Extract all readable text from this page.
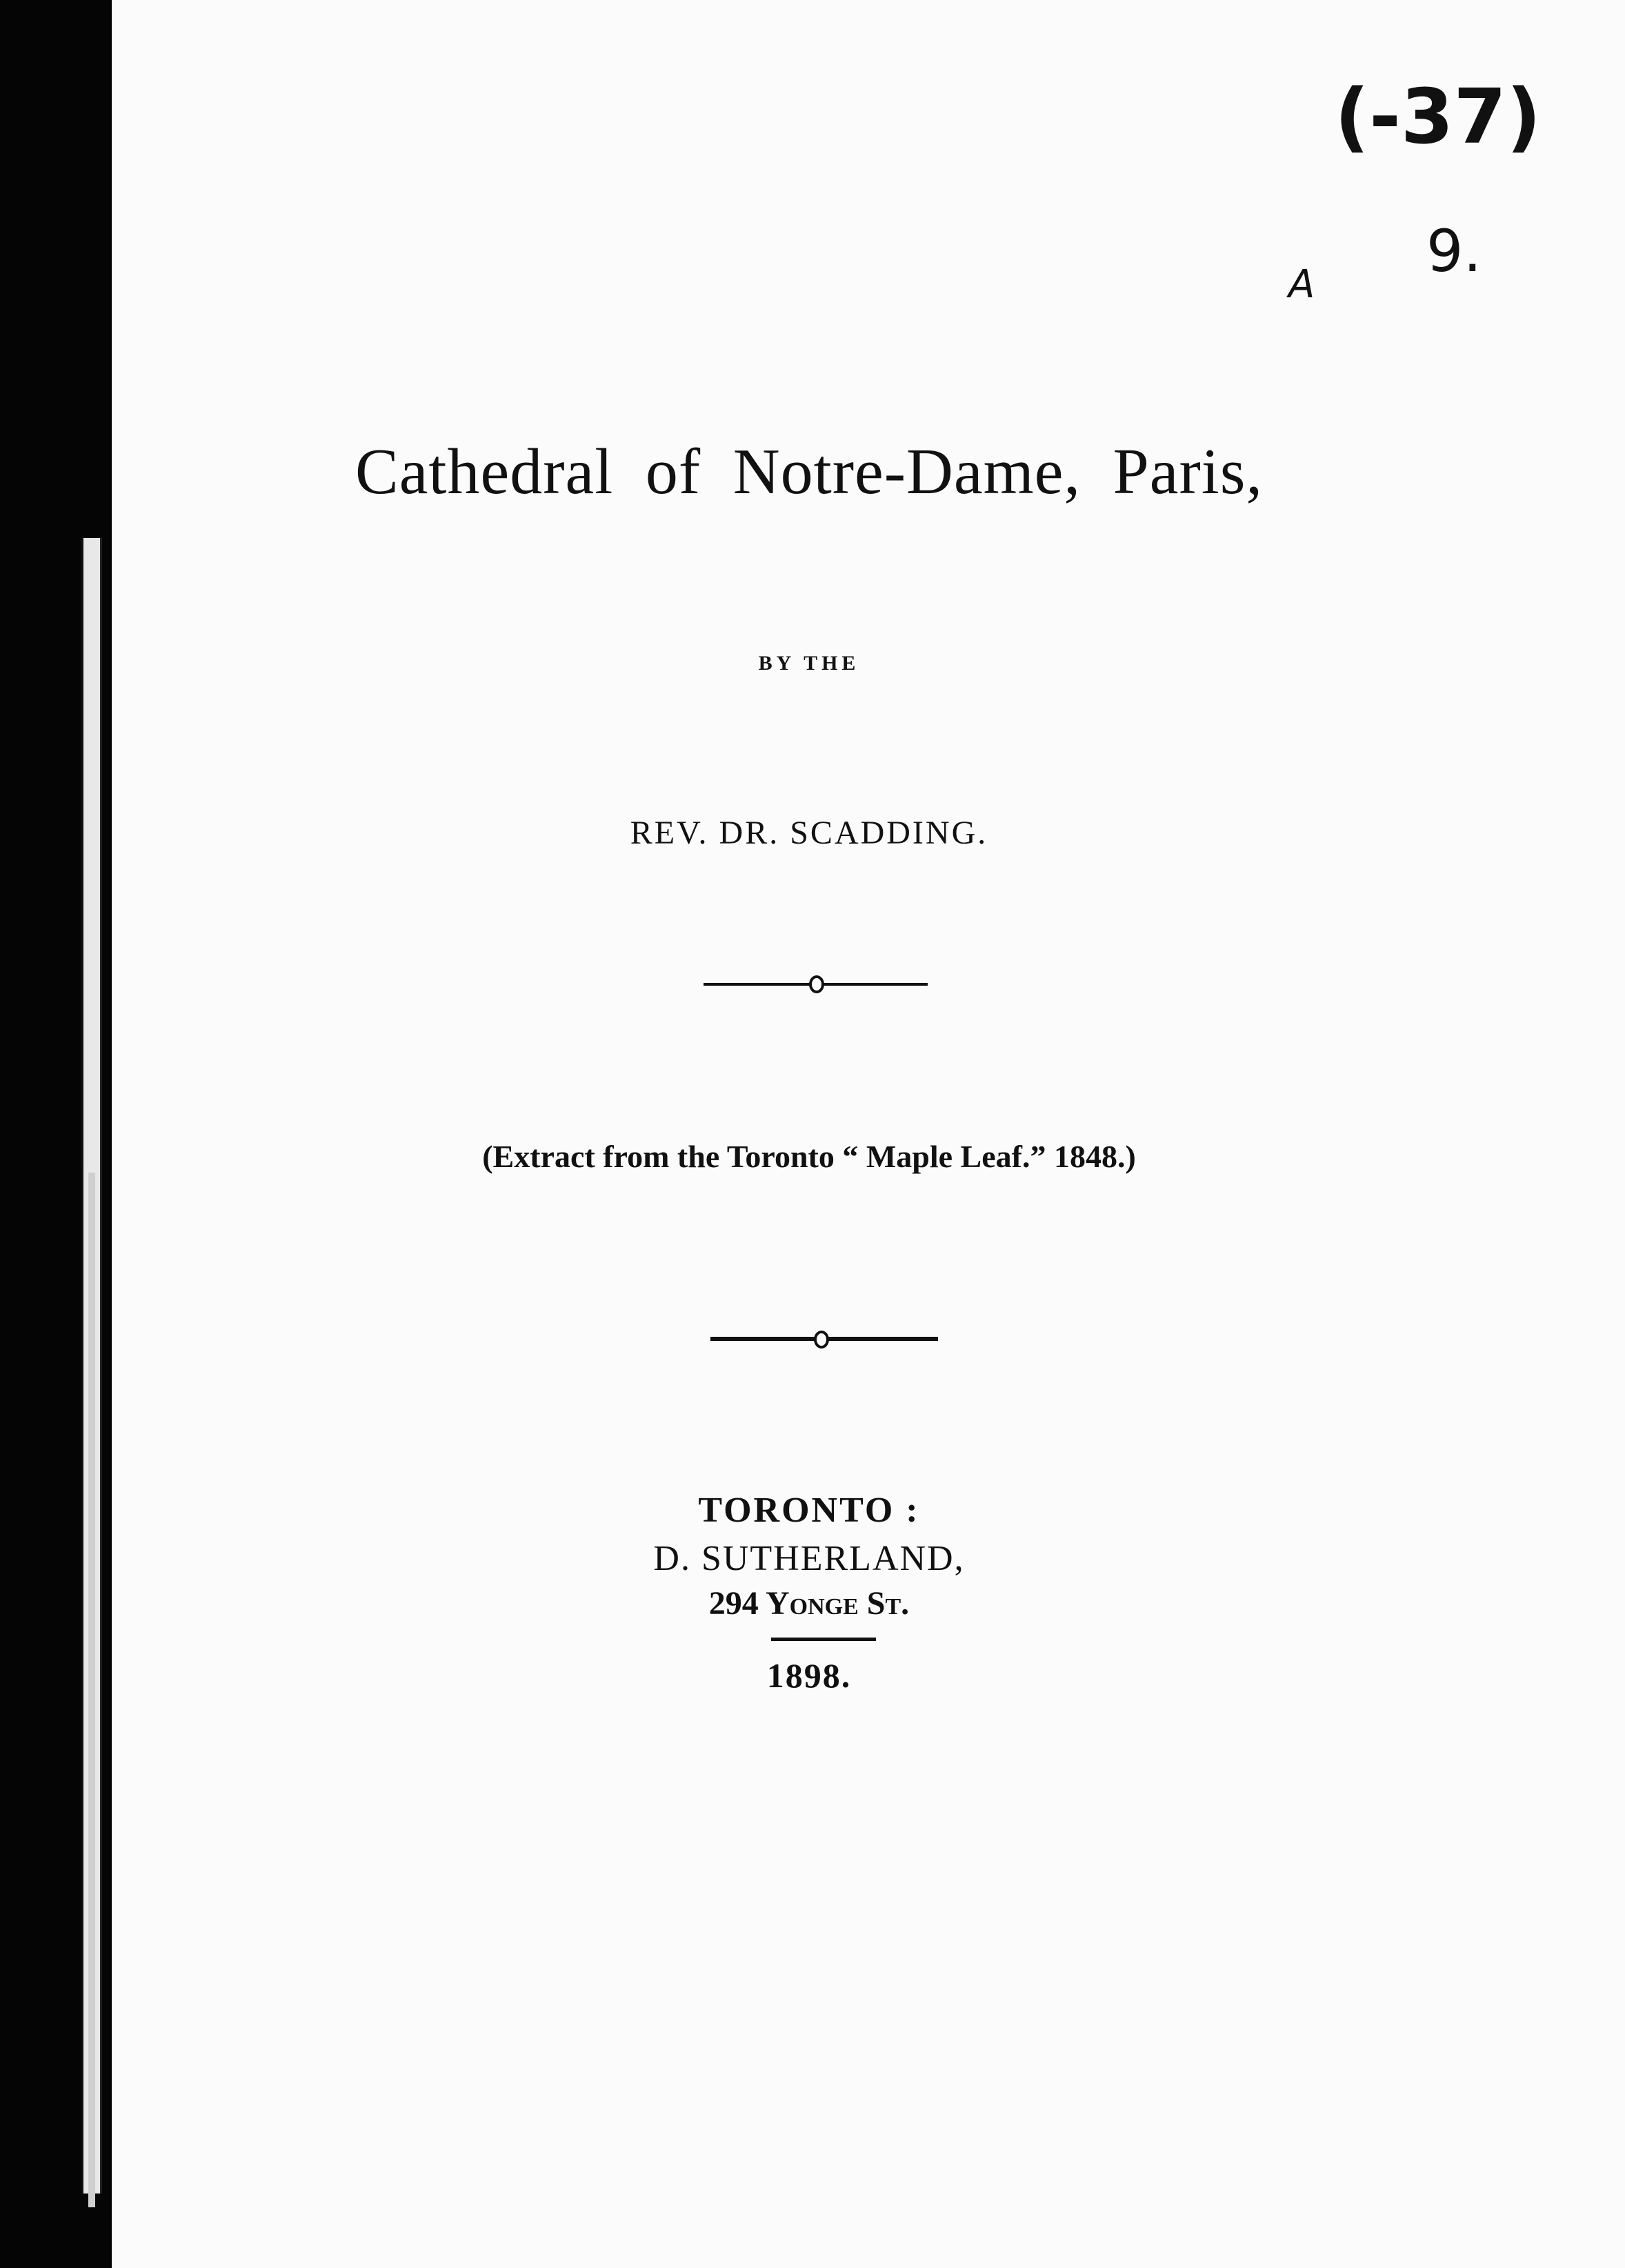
(-37)
9.
A
Cathedral of Notre-Dame, Paris,
BY THE
REV. DR. SCADDING.
(Extract from the Toronto “ Maple Leaf.” 1848.)
TORONTO :
D. SUTHERLAND,
294 Yonge St.
1898.
